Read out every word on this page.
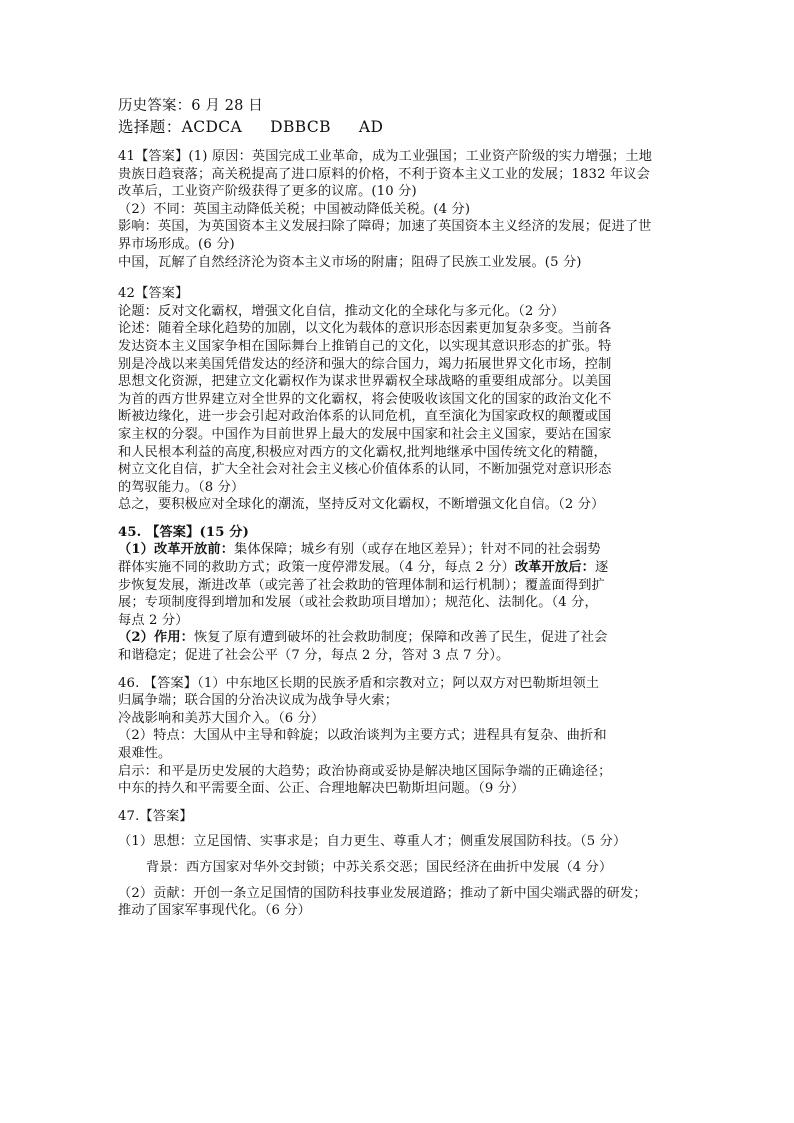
历史答案：6 月 28 日
选择题：ACDCA DBBCB AD
41【答案】(1) 原因：英国完成工业革命，成为工业强国；工业资产阶级的实力增强；土地
贵族日趋衰落；高关税提高了进口原料的价格，不利于资本主义工业的发展；1832 年议会
改革后，工业资产阶级获得了更多的议席。(10 分)
（2）不同：英国主动降低关税；中国被动降低关税。(4 分)
影响：英国，为英国资本主义发展扫除了障碍；加速了英国资本主义经济的发展；促进了世
界市场形成。(6 分)
中国，瓦解了自然经济沦为资本主义市场的附庸；阻碍了民族工业发展。(5 分)
42【答案】
论题：反对文化霸权，增强文化自信，推动文化的全球化与多元化。（2 分）
论述：随着全球化趋势的加剧，以文化为载体的意识形态因素更加复杂多变。当前各
发达资本主义国家争相在国际舞台上推销自己的文化，以实现其意识形态的扩张。特
别是冷战以来美国凭借发达的经济和强大的综合国力，竭力拓展世界文化市场，控制
思想文化资源，把建立文化霸权作为谋求世界霸权全球战略的重要组成部分。以美国
为首的西方世界建立对全世界的文化霸权，将会使吸收该国文化的国家的政治文化不
断被边缘化，进一步会引起对政治体系的认同危机，直至演化为国家政权的颠覆或国
家主权的分裂。中国作为目前世界上最大的发展中国家和社会主义国家，要站在国家
和人民根本利益的高度,积极应对西方的文化霸权,批判地继承中国传统文化的精髓，
树立文化自信，扩大全社会对社会主义核心价值体系的认同，不断加强党对意识形态
的驾驭能力。（8 分）
总之，要积极应对全球化的潮流，坚持反对文化霸权，不断增强文化自信。（2 分）
45. 【答案】(15 分)
（1）改革开放前：集体保障；城乡有别（或存在地区差异）；针对不同的社会弱势
群体实施不同的救助方式；政策一度停滞发展。（4 分，每点 2 分）改革开放后：逐
步恢复发展，渐进改革（或完善了社会救助的管理体制和运行机制）；覆盖面得到扩
展；专项制度得到增加和发展（或社会救助项目增加）；规范化、法制化。（4 分，
每点 2 分）
（2）作用：恢复了原有遭到破坏的社会救助制度；保障和改善了民生，促进了社会
和谐稳定；促进了社会公平（7 分，每点 2 分，答对 3 点 7 分）。
46. 【答案】（1）中东地区长期的民族矛盾和宗教对立；阿以双方对巴勒斯坦领土
归属争端；联合国的分治决议成为战争导火索；
冷战影响和美苏大国介入。（6 分）
（2）特点：大国从中主导和斡旋；以政治谈判为主要方式；进程具有复杂、曲折和
艰难性。
启示：和平是历史发展的大趋势；政治协商或妥协是解决地区国际争端的正确途径；
中东的持久和平需要全面、公正、合理地解决巴勒斯坦问题。（9 分）
47.【答案】
（1）思想：立足国情、实事求是；自力更生、尊重人才；侧重发展国防科技。（5 分）
背景：西方国家对华外交封锁；中苏关系交恶；国民经济在曲折中发展（4 分）
（2）贡献：开创一条立足国情的国防科技事业发展道路；推动了新中国尖端武器的研发；
推动了国家军事现代化。（6 分）
